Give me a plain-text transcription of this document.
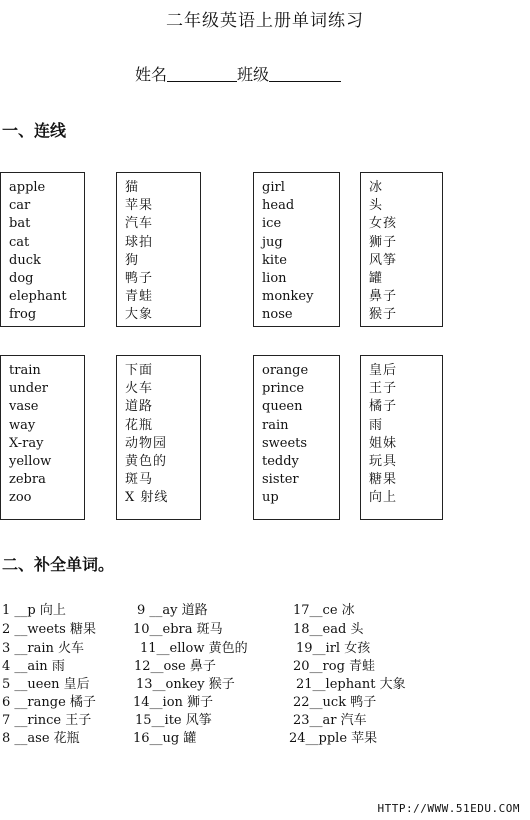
二年级英语上册单词练习
姓名	班级
一、连线
apple
car
bat
cat
duck
dog
elephant
frog
猫
苹果
汽车
球拍
狗
鸭子
青蛙
大象
girl
head
ice
jug
kite
lion
monkey
nose
冰
头
女孩
狮子
风筝
罐
鼻子
猴子
train
under
vase
way
X-ray
yellow
zebra
zoo
下面
火车
道路
花瓶
动物园
黄色的
斑马
X 射线
orange
prince
queen
rain
sweets
teddy
sister
up
皇后
王子
橘子
雨
姐妹
玩具
糖果
向上
二、补全单词。
1 __p 向上
2 __weets 糖果
3 __rain 火车
4 __ain 雨
5 __ueen 皇后
6 __range 橘子
7 __rince 王子
8 __ase 花瓶
9 __ay 道路
10__ebra 斑马
11__ellow 黄色的
12__ose 鼻子
13__onkey 猴子
14__ion 狮子
15__ite 风筝
16__ug 罐
17__ce 冰
18__ead 头
19__irl 女孩
20__rog 青蛙
21__lephant 大象
22__uck 鸭子
23__ar 汽车
24__pple 苹果
HTTP://WWW.51EDU.COM
